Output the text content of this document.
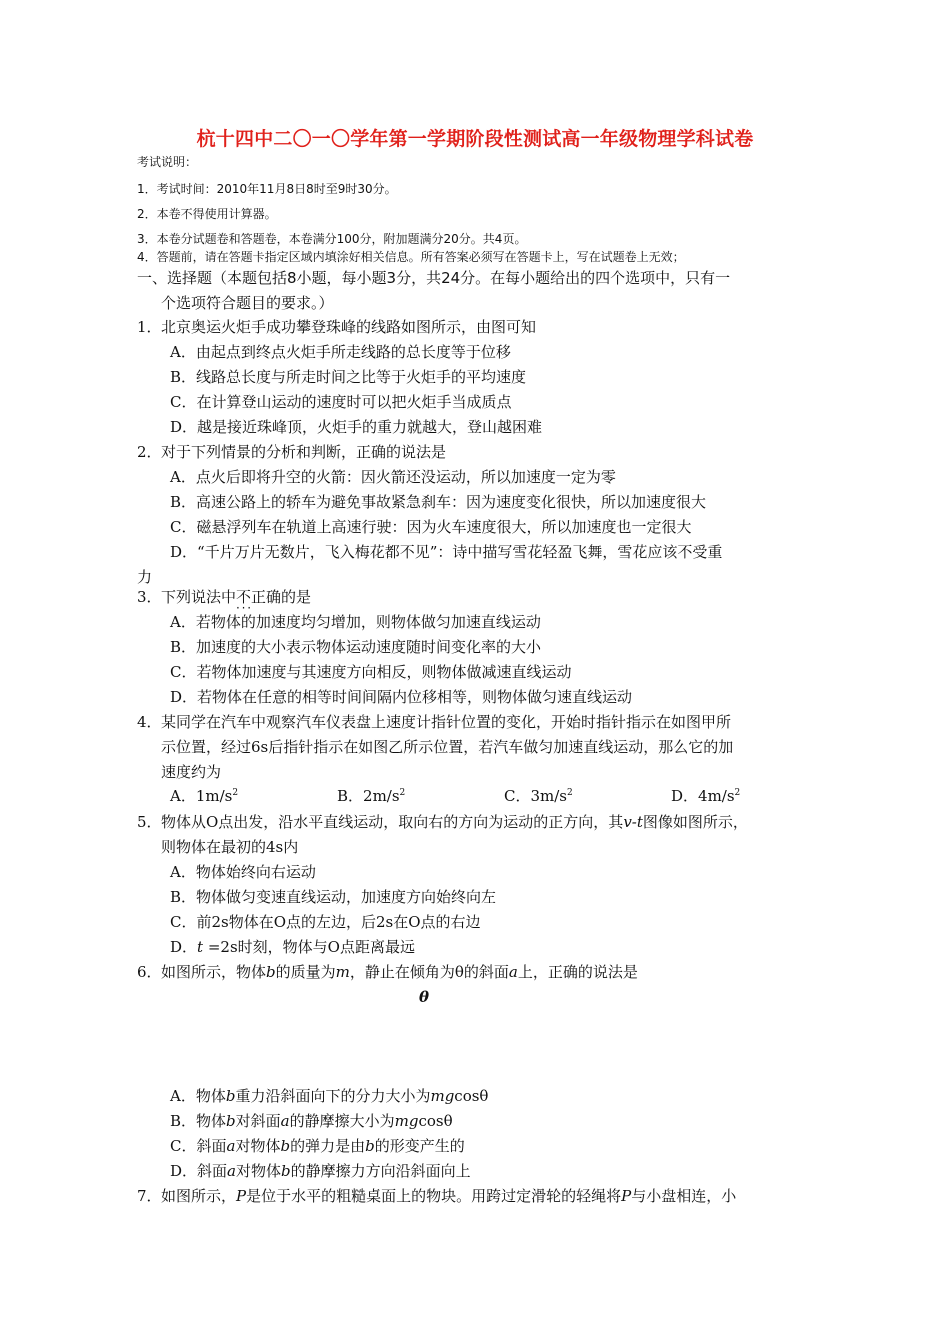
杭十四中二〇一〇学年第一学期阶段性测试高一年级物理学科试卷
考试说明：
1．考试时间：2010年11月8日8时至9时30分。
2．本卷不得使用计算器。
3．本卷分试题卷和答题卷，本卷满分100分，附加题满分20分。共4页。
4．答题前，请在答题卡指定区域内填涂好相关信息。所有答案必须写在答题卡上，写在试题卷上无效；
一、选择题（本题包括8小题，每小题3分，共24分。在每小题给出的四个选项中，只有一
个选项符合题目的要求。）
1．北京奥运火炬手成功攀登珠峰的线路如图所示，由图可知
A．由起点到终点火炬手所走线路的总长度等于位移
B．线路总长度与所走时间之比等于火炬手的平均速度
C．在计算登山运动的速度时可以把火炬手当成质点
D．越是接近珠峰顶，火炬手的重力就越大，登山越困难
2．对于下列情景的分析和判断，正确的说法是
A．点火后即将升空的火箭：因火箭还没运动，所以加速度一定为零
B．高速公路上的轿车为避免事故紧急刹车：因为速度变化很快，所以加速度很大
C．磁悬浮列车在轨道上高速行驶：因为火车速度很大，所以加速度也一定很大
D．“千片万片无数片，飞入梅花都不见”：诗中描写雪花轻盈飞舞，雪花应该不受重
力
3．下列说法中不正确 · · ·的是
A．若物体的加速度均匀增加，则物体做匀加速直线运动
B．加速度的大小表示物体运动速度随时间变化率的大小
C．若物体加速度与其速度方向相反，则物体做减速直线运动
D．若物体在任意的相等时间间隔内位移相等，则物体做匀速直线运动
4．某同学在汽车中观察汽车仪表盘上速度计指针位置的变化，开始时指针指示在如图甲所
示位置，经过6s后指针指示在如图乙所示位置，若汽车做匀加速直线运动，那么它的加
速度约为
A．$1m/s^2$	B．$2m/s^2$	C．$3m/s^2$	D．$4m/s^2$
5．物体从O点出发，沿水平直线运动，取向右的方向为运动的正方向，其v-t图像如图所示，
则物体在最初的4s内
A．物体始终向右运动
B．物体做匀变速直线运动，加速度方向始终向左
C．前2s物体在O点的左边，后2s在O点的右边
D．t =2s时刻，物体与O点距离最远
6．如图所示，物体b的质量为m，静止在倾角为θ的斜面a上，正确的说法是
θ
A．物体b重力沿斜面向下的分力大小为mgcosθ
B．物体b对斜面a的静摩擦大小为mgcosθ
C．斜面a对物体b的弹力是由b的形变产生的
D．斜面a对物体b的静摩擦力方向沿斜面向上
7．如图所示，P是位于水平的粗糙桌面上的物块。用跨过定滑轮的轻绳将P与小盘相连，小
